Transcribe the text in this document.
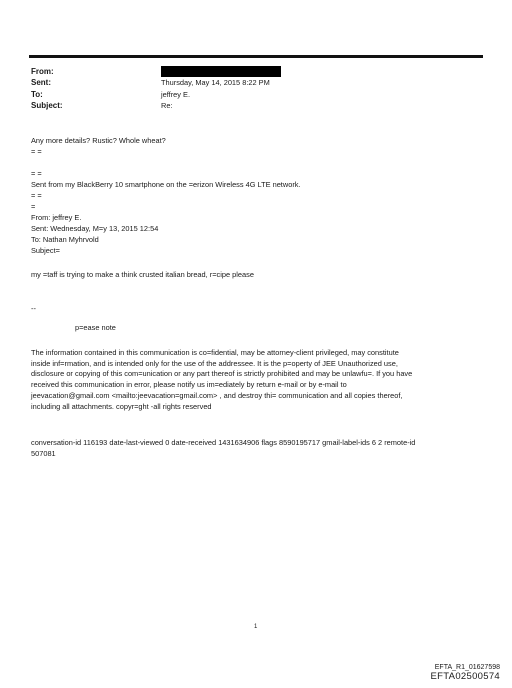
From:
Sent:	Thursday, May 14, 2015 8:22 PM
To:	jeffrey E.
Subject:	Re:
Any more details? Rustic? Whole wheat?
= =
= =
Sent from my BlackBerry 10 smartphone on the =erizon Wireless 4G LTE network.
= =
=
From: jeffrey E.
Sent: Wednesday, M=y 13, 2015 12:54
To: Nathan Myhrvold
Subject=
my =taff is trying to make a think crusted italian bread, r=cipe please
--
p=ease note
The information contained in this communication is co=fidential, may be attorney-client privileged, may constitute
inside inf=rmation, and is intended only for the use of the addressee. It is the p=operty of JEE Unauthorized use,
disclosure or copying of this com=unication or any part thereof is strictly prohibited and may be unlawfu=. If you have
received this communication in error, please notify us im=ediately by return e-mail or by e-mail to
jeevacation@gmail.com <mailto:jeevacation=gmail.com> , and destroy thi= communication and all copies thereof,
including all attachments. copyr=ght -all rights reserved
conversation-id 116193 date-last-viewed 0 date-received 1431634906 flags 8590195717 gmail-label-ids 6 2 remote-id
507081
1
EFTA_R1_01627598
EFTA02500574
